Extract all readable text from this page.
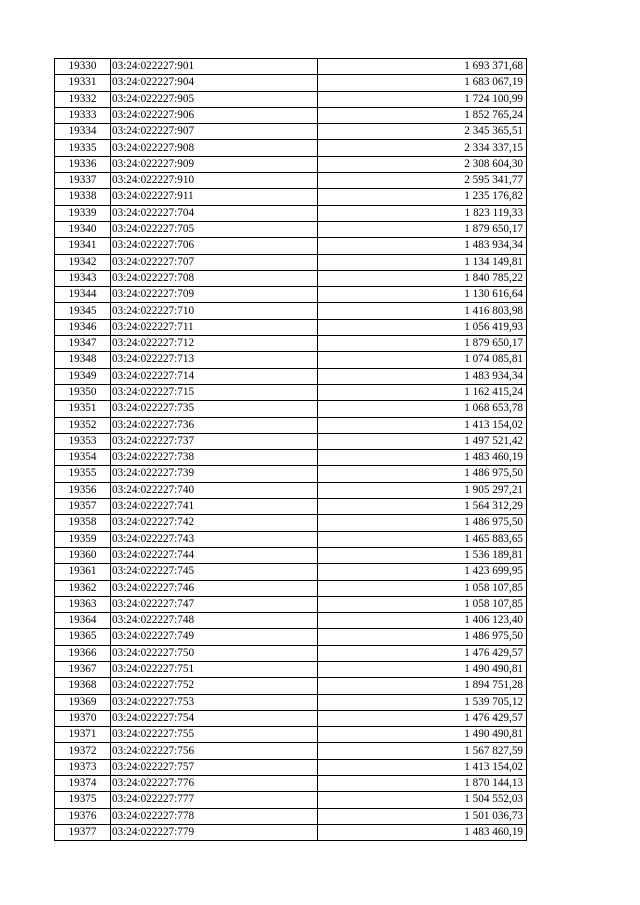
19330	03:24:022227:901	1 693 371,68
19331	03:24:022227:904	1 683 067,19
19332	03:24:022227:905	1 724 100,99
19333	03:24:022227:906	1 852 765,24
19334	03:24:022227:907	2 345 365,51
19335	03:24:022227:908	2 334 337,15
19336	03:24:022227:909	2 308 604,30
19337	03:24:022227:910	2 595 341,77
19338	03:24:022227:911	1 235 176,82
19339	03:24:022227:704	1 823 119,33
19340	03:24:022227:705	1 879 650,17
19341	03:24:022227:706	1 483 934,34
19342	03:24:022227:707	1 134 149,81
19343	03:24:022227:708	1 840 785,22
19344	03:24:022227:709	1 130 616,64
19345	03:24:022227:710	1 416 803,98
19346	03:24:022227:711	1 056 419,93
19347	03:24:022227:712	1 879 650,17
19348	03:24:022227:713	1 074 085,81
19349	03:24:022227:714	1 483 934,34
19350	03:24:022227:715	1 162 415,24
19351	03:24:022227:735	1 068 653,78
19352	03:24:022227:736	1 413 154,02
19353	03:24:022227:737	1 497 521,42
19354	03:24:022227:738	1 483 460,19
19355	03:24:022227:739	1 486 975,50
19356	03:24:022227:740	1 905 297,21
19357	03:24:022227:741	1 564 312,29
19358	03:24:022227:742	1 486 975,50
19359	03:24:022227:743	1 465 883,65
19360	03:24:022227:744	1 536 189,81
19361	03:24:022227:745	1 423 699,95
19362	03:24:022227:746	1 058 107,85
19363	03:24:022227:747	1 058 107,85
19364	03:24:022227:748	1 406 123,40
19365	03:24:022227:749	1 486 975,50
19366	03:24:022227:750	1 476 429,57
19367	03:24:022227:751	1 490 490,81
19368	03:24:022227:752	1 894 751,28
19369	03:24:022227:753	1 539 705,12
19370	03:24:022227:754	1 476 429,57
19371	03:24:022227:755	1 490 490,81
19372	03:24:022227:756	1 567 827,59
19373	03:24:022227:757	1 413 154,02
19374	03:24:022227:776	1 870 144,13
19375	03:24:022227:777	1 504 552,03
19376	03:24:022227:778	1 501 036,73
19377	03:24:022227:779	1 483 460,19
